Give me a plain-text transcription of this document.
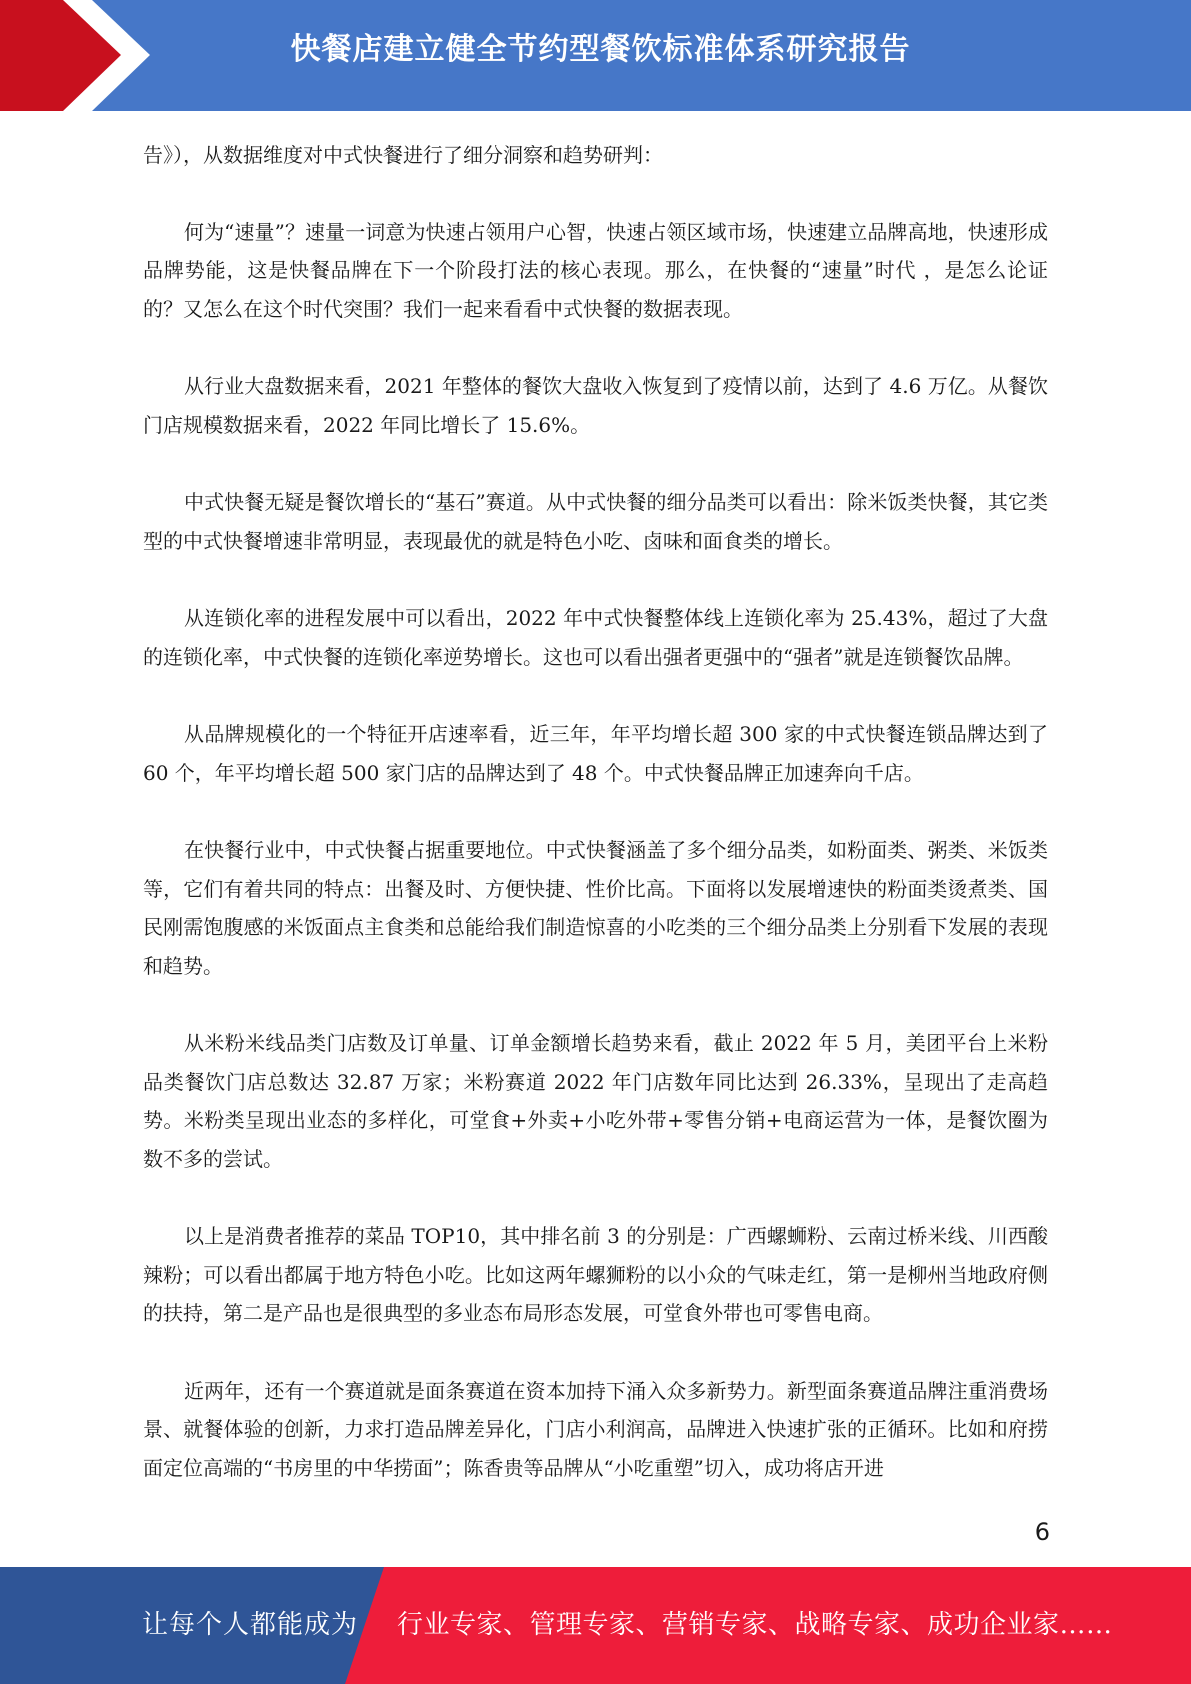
快餐店建立健全节约型餐饮标准体系研究报告

告》），从数据维度对中式快餐进行了细分洞察和趋势研判：

何为“速量”？速量一词意为快速占领用户心智，快速占领区域市场，快速建立品牌高地，快速形成品牌势能，这是快餐品牌在下一个阶段打法的核心表现。那么，在快餐的“速量”时代 ，是怎么论证的？又怎么在这个时代突围？我们一起来看看中式快餐的数据表现。

从行业大盘数据来看，2021 年整体的餐饮大盘收入恢复到了疫情以前，达到了 4.6 万亿。从餐饮门店规模数据来看，2022 年同比增长了 15.6%。

中式快餐无疑是餐饮增长的“基石”赛道。从中式快餐的细分品类可以看出：除米饭类快餐，其它类型的中式快餐增速非常明显，表现最优的就是特色小吃、卤味和面食类的增长。

从连锁化率的进程发展中可以看出，2022 年中式快餐整体线上连锁化率为 25.43%，超过了大盘的连锁化率，中式快餐的连锁化率逆势增长。这也可以看出强者更强中的“强者”就是连锁餐饮品牌。

从品牌规模化的一个特征开店速率看，近三年，年平均增长超 300 家的中式快餐连锁品牌达到了 60 个，年平均增长超 500 家门店的品牌达到了 48 个。中式快餐品牌正加速奔向千店。

在快餐行业中，中式快餐占据重要地位。中式快餐涵盖了多个细分品类，如粉面类、粥类、米饭类等，它们有着共同的特点：出餐及时、方便快捷、性价比高。下面将以发展增速快的粉面类烫煮类、国民刚需饱腹感的米饭面点主食类和总能给我们制造惊喜的小吃类的三个细分品类上分别看下发展的表现和趋势。

从米粉米线品类门店数及订单量、订单金额增长趋势来看，截止 2022 年 5 月，美团平台上米粉品类餐饮门店总数达 32.87 万家；米粉赛道 2022 年门店数年同比达到 26.33%，呈现出了走高趋势。米粉类呈现出业态的多样化，可堂食+外卖+小吃外带+零售分销+电商运营为一体，是餐饮圈为数不多的尝试。

以上是消费者推荐的菜品 TOP10，其中排名前 3 的分别是：广西螺蛳粉、云南过桥米线、川西酸辣粉；可以看出都属于地方特色小吃。比如这两年螺狮粉的以小众的气味走红，第一是柳州当地政府侧的扶持，第二是产品也是很典型的多业态布局形态发展，可堂食外带也可零售电商。

近两年，还有一个赛道就是面条赛道在资本加持下涌入众多新势力。新型面条赛道品牌注重消费场景、就餐体验的创新，力求打造品牌差异化，门店小利润高，品牌进入快速扩张的正循环。比如和府捞面定位高端的“书房里的中华捞面”；陈香贵等品牌从“小吃重塑”切入，成功将店开进

6
让每个人都能成为 行业专家、管理专家、营销专家、战略专家、成功企业家……
